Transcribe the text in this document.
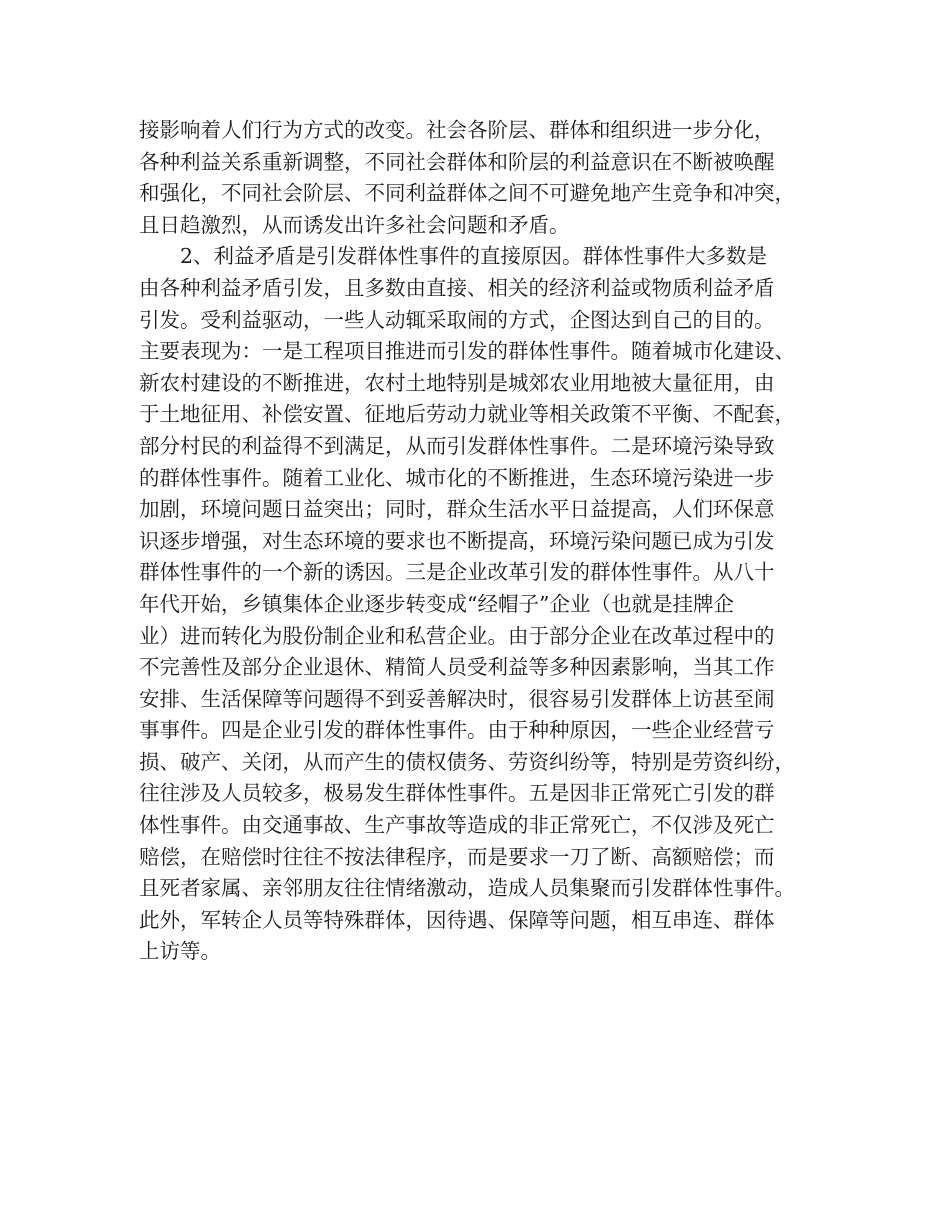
接影响着人们行为方式的改变。社会各阶层、群体和组织进一步分化，
各种利益关系重新调整，不同社会群体和阶层的利益意识在不断被唤醒
和强化，不同社会阶层、不同利益群体之间不可避免地产生竞争和冲突，
且日趋激烈，从而诱发出许多社会问题和矛盾。
2、利益矛盾是引发群体性事件的直接原因。群体性事件大多数是
由各种利益矛盾引发，且多数由直接、相关的经济利益或物质利益矛盾
引发。受利益驱动，一些人动辄采取闹的方式，企图达到自己的目的。
主要表现为：一是工程项目推进而引发的群体性事件。随着城市化建设、
新农村建设的不断推进，农村土地特别是城郊农业用地被大量征用，由
于土地征用、补偿安置、征地后劳动力就业等相关政策不平衡、不配套，
部分村民的利益得不到满足，从而引发群体性事件。二是环境污染导致
的群体性事件。随着工业化、城市化的不断推进，生态环境污染进一步
加剧，环境问题日益突出；同时，群众生活水平日益提高，人们环保意
识逐步增强，对生态环境的要求也不断提高，环境污染问题已成为引发
群体性事件的一个新的诱因。三是企业改革引发的群体性事件。从八十
年代开始，乡镇集体企业逐步转变成“经帽子”企业（也就是挂牌企
业）进而转化为股份制企业和私营企业。由于部分企业在改革过程中的
不完善性及部分企业退休、精简人员受利益等多种因素影响，当其工作
安排、生活保障等问题得不到妥善解决时，很容易引发群体上访甚至闹
事事件。四是企业引发的群体性事件。由于种种原因，一些企业经营亏
损、破产、关闭，从而产生的债权债务、劳资纠纷等，特别是劳资纠纷，
往往涉及人员较多，极易发生群体性事件。五是因非正常死亡引发的群
体性事件。由交通事故、生产事故等造成的非正常死亡，不仅涉及死亡
赔偿，在赔偿时往往不按法律程序，而是要求一刀了断、高额赔偿；而
且死者家属、亲邻朋友往往情绪激动，造成人员集聚而引发群体性事件。
此外，军转企人员等特殊群体，因待遇、保障等问题，相互串连、群体
上访等。
